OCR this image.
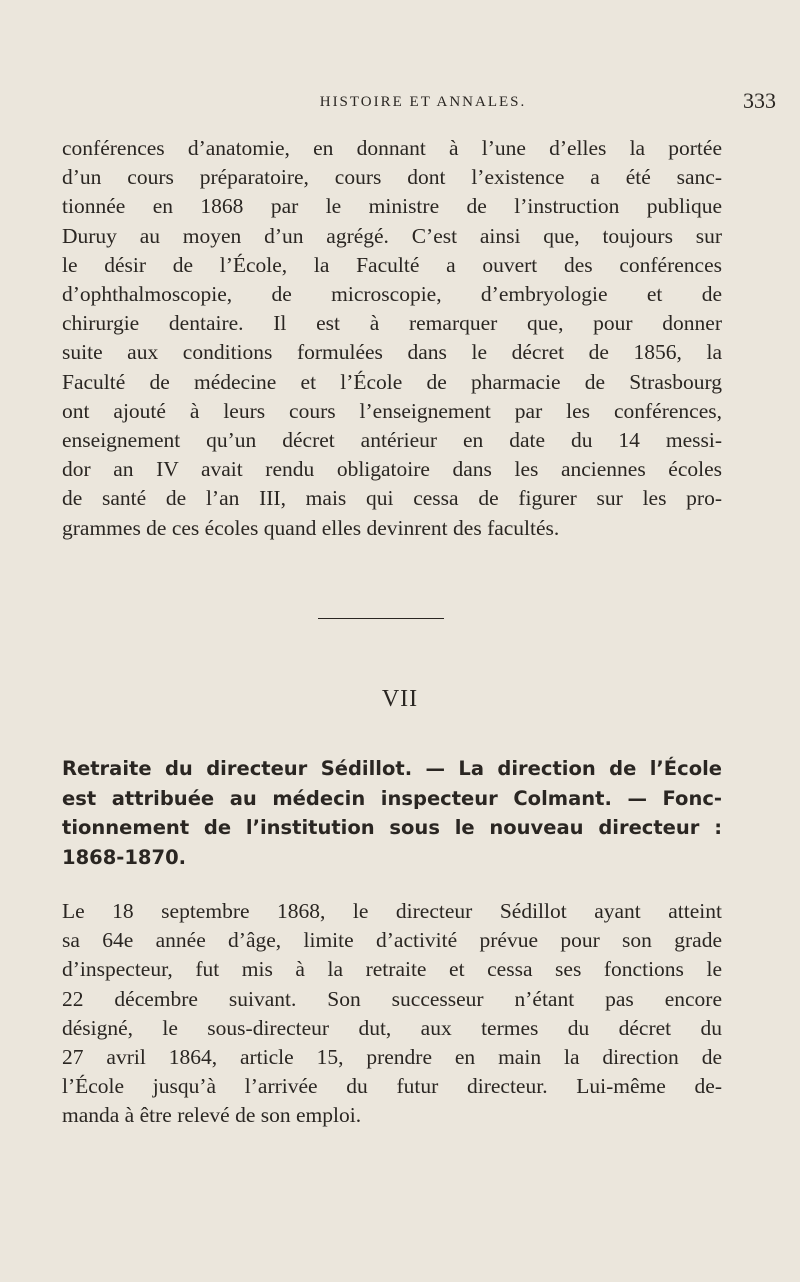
HISTOIRE ET ANNALES.	333

conférences d’anatomie, en donnant à l’une d’elles la portée
d’un cours préparatoire, cours dont l’existence a été sanc-
tionnée en 1868 par le ministre de l’instruction publique
Duruy au moyen d’un agrégé. C’est ainsi que, toujours sur
le désir de l’École, la Faculté a ouvert des conférences
d’ophthalmoscopie, de microscopie, d’embryologie et de
chirurgie dentaire. Il est à remarquer que, pour donner
suite aux conditions formulées dans le décret de 1856, la
Faculté de médecine et l’École de pharmacie de Strasbourg
ont ajouté à leurs cours l’enseignement par les conférences,
enseignement qu’un décret antérieur en date du 14 messi-
dor an IV avait rendu obligatoire dans les anciennes écoles
de santé de l’an III, mais qui cessa de figurer sur les pro-
grammes de ces écoles quand elles devinrent des facultés.

VII
Retraite du directeur Sédillot. — La direction de l’École
est attribuée au médecin inspecteur Colmant. — Fonc-
tionnement de l’institution sous le nouveau directeur :
1868-1870.

Le 18 septembre 1868, le directeur Sédillot ayant atteint
sa 64e année d’âge, limite d’activité prévue pour son grade
d’inspecteur, fut mis à la retraite et cessa ses fonctions le
22 décembre suivant. Son successeur n’étant pas encore
désigné, le sous-directeur dut, aux termes du décret du
27 avril 1864, article 15, prendre en main la direction de
l’École jusqu’à l’arrivée du futur directeur. Lui-même de-
manda à être relevé de son emploi.
